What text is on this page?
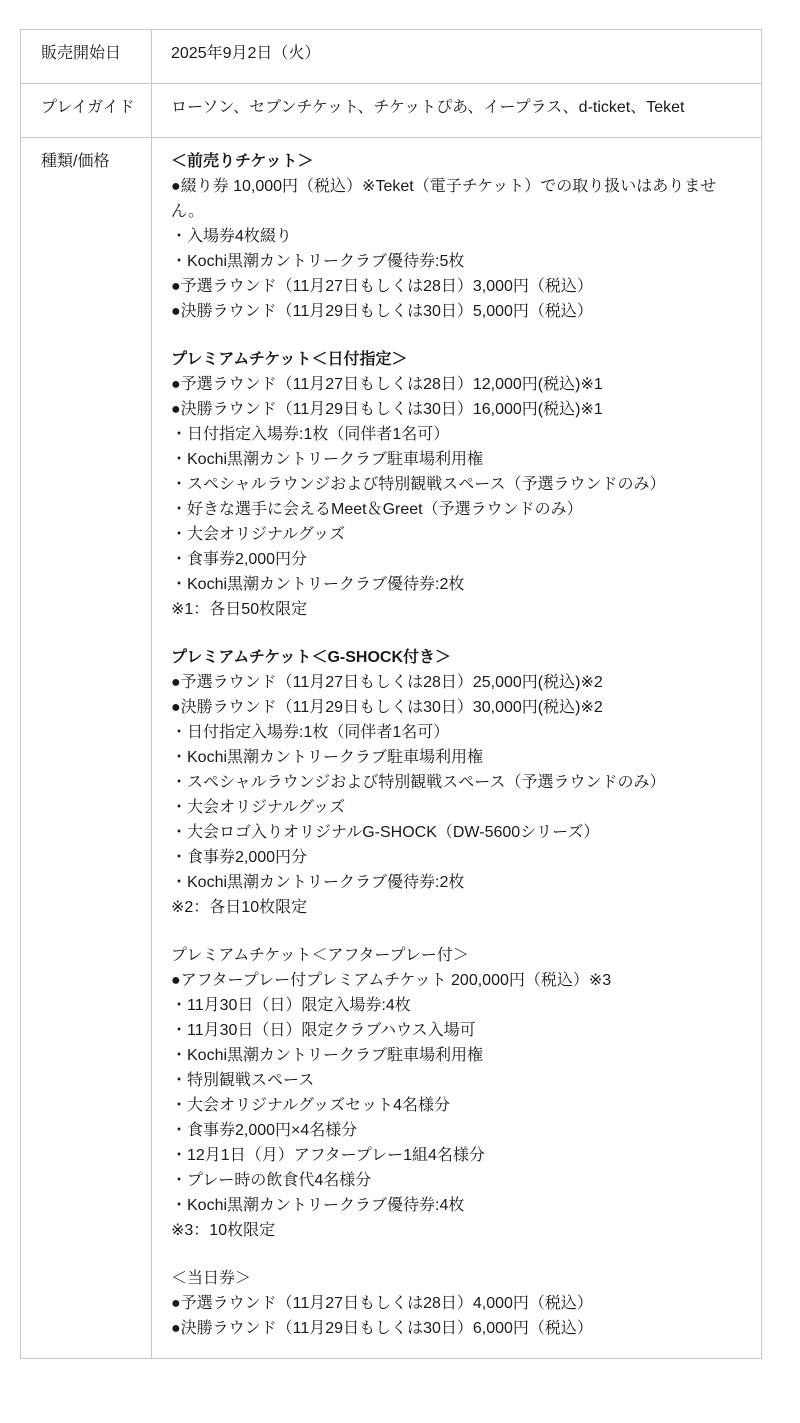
販売開始日	2025年9月2日（火）

プレイガイド	ローソン、セブンチケット、チケットぴあ、イープラス、d-ticket、Teket

種類/価格	＜前売りチケット＞
●綴り券 10,000円（税込）※Teket（電子チケット）での取り扱いはありません。
・入場券4枚綴り
・Kochi黒潮カントリークラブ優待券:5枚
●予選ラウンド（11月27日もしくは28日）3,000円（税込）
●決勝ラウンド（11月29日もしくは30日）5,000円（税込）
プレミアムチケット＜日付指定＞
●予選ラウンド（11月27日もしくは28日）12,000円(税込)※1
●決勝ラウンド（11月29日もしくは30日）16,000円(税込)※1
・日付指定入場券:1枚（同伴者1名可）
・Kochi黒潮カントリークラブ駐車場利用権
・スペシャルラウンジおよび特別観戦スペース（予選ラウンドのみ）
・好きな選手に会えるMeet＆Greet（予選ラウンドのみ）
・大会オリジナルグッズ
・食事券2,000円分
・Kochi黒潮カントリークラブ優待券:2枚
※1：各日50枚限定
プレミアムチケット＜G-SHOCK付き＞
●予選ラウンド（11月27日もしくは28日）25,000円(税込)※2
●決勝ラウンド（11月29日もしくは30日）30,000円(税込)※2
・日付指定入場券:1枚（同伴者1名可）
・Kochi黒潮カントリークラブ駐車場利用権
・スペシャルラウンジおよび特別観戦スペース（予選ラウンドのみ）
・大会オリジナルグッズ
・大会ロゴ入りオリジナルG-SHOCK（DW-5600シリーズ）
・食事券2,000円分
・Kochi黒潮カントリークラブ優待券:2枚
※2：各日10枚限定
プレミアムチケット＜アフタープレー付＞
●アフタープレー付プレミアムチケット 200,000円（税込）※3
・11月30日（日）限定入場券:4枚
・11月30日（日）限定クラブハウス入場可
・Kochi黒潮カントリークラブ駐車場利用権
・特別観戦スペース
・大会オリジナルグッズセット4名様分
・食事券2,000円×4名様分
・12月1日（月）アフタープレー1組4名様分
・プレー時の飲食代4名様分
・Kochi黒潮カントリークラブ優待券:4枚
※3：10枚限定
＜当日券＞
●予選ラウンド（11月27日もしくは28日）4,000円（税込）
●決勝ラウンド（11月29日もしくは30日）6,000円（税込）
